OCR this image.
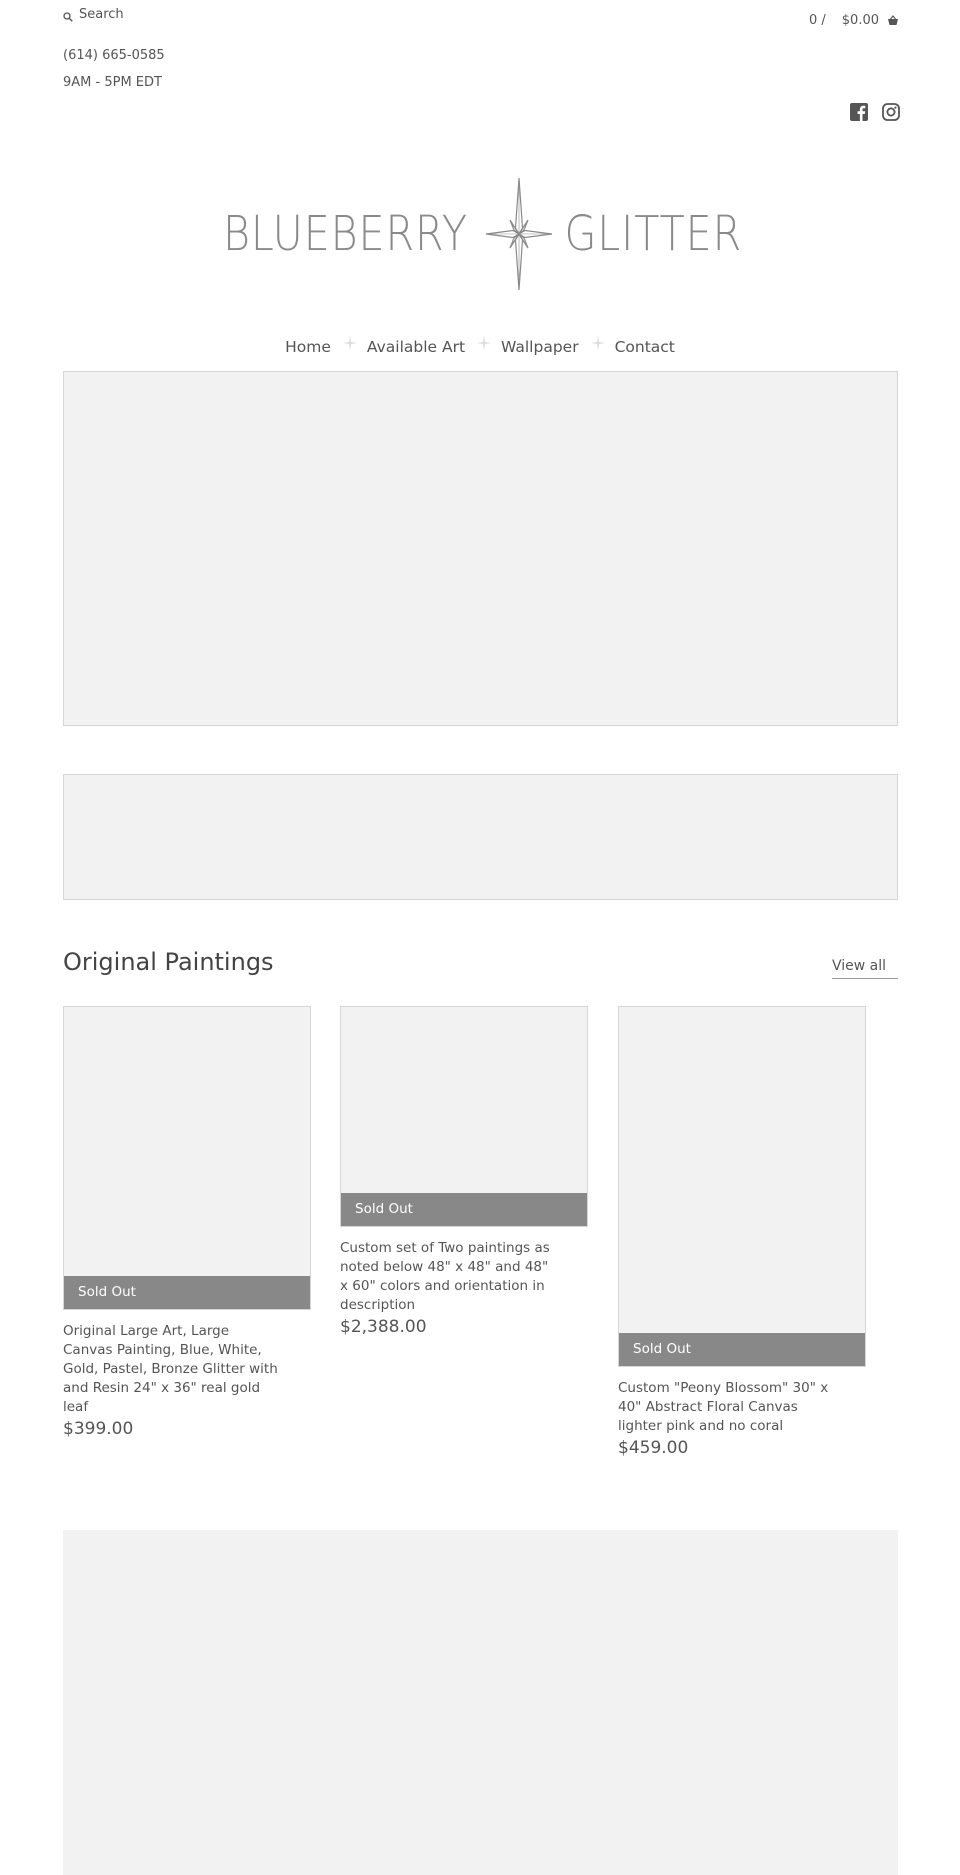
Search
(614) 665-0585
9AM - 5PM EDT
0 / $0.00
BLUEBERRY GLITTER
Home Available Art Wallpaper Contact
Original Paintings	View all
Sold Out
Original Large Art, Large Canvas Painting, Blue, White, Gold, Pastel, Bronze Glitter with and Resin 24" x 36" real gold leaf
$399.00
Sold Out
Custom set of Two paintings as noted below 48" x 48" and 48" x 60" colors and orientation in description
$2,388.00
Sold Out
Custom "Peony Blossom" 30" x 40" Abstract Floral Canvas lighter pink and no coral
$459.00
